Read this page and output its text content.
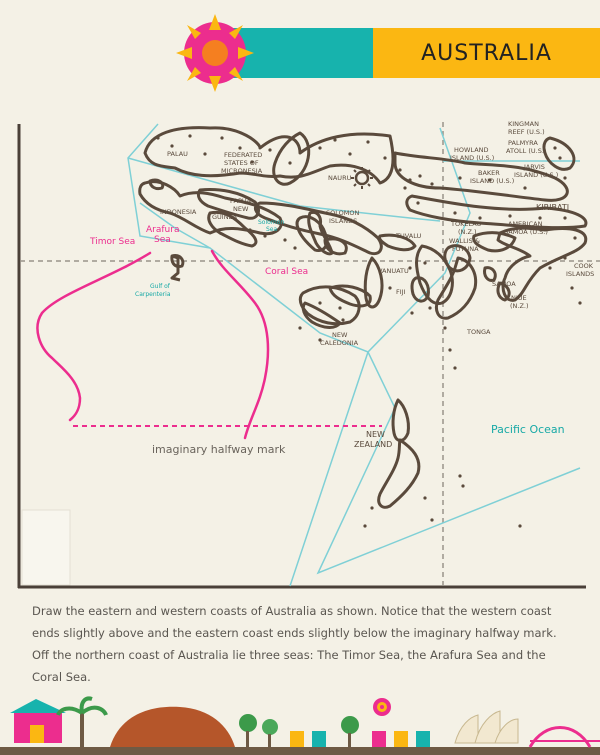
AUSTRALIA
PALAU	FEDERATED
STATES OF
MICRONESIA
NAURU
KINGMAN
REEF (U.S.)
PALMYRA
ATOLL (U.S.)
HOWLAND
ISLAND (U.S.)
JARVIS
ISLAND (U.S.)
BAKER
ISLAND (U.S.)
KIRIBATI
INDONESIA
PAPUA
NEW
GUINEA	SOLOMON
ISLANDS
TUVALU
TOKELAU
(N.Z.)
AMERICAN
SAMOA (U.S.)
WALLIS &
FUTUNA
VANUATU
FIJI
SAMOA
NIUE
(N.Z.)
COOK
ISLANDS
TONGA
NEW
CALEDONIA
NEW
ZEALAND
Solomon
Sea
Gulf of
Carpenteria
Pacific Ocean
Timor Sea
Arafura
Sea
Coral Sea
imaginary halfway mark
Draw the eastern and western coasts of Australia as shown. Notice that the western coast ends slightly above and the eastern coast ends slightly below the imaginary halfway mark. Off the northern coast of Australia lie three seas: The Timor Sea, the Arafura Sea and the Coral Sea.
